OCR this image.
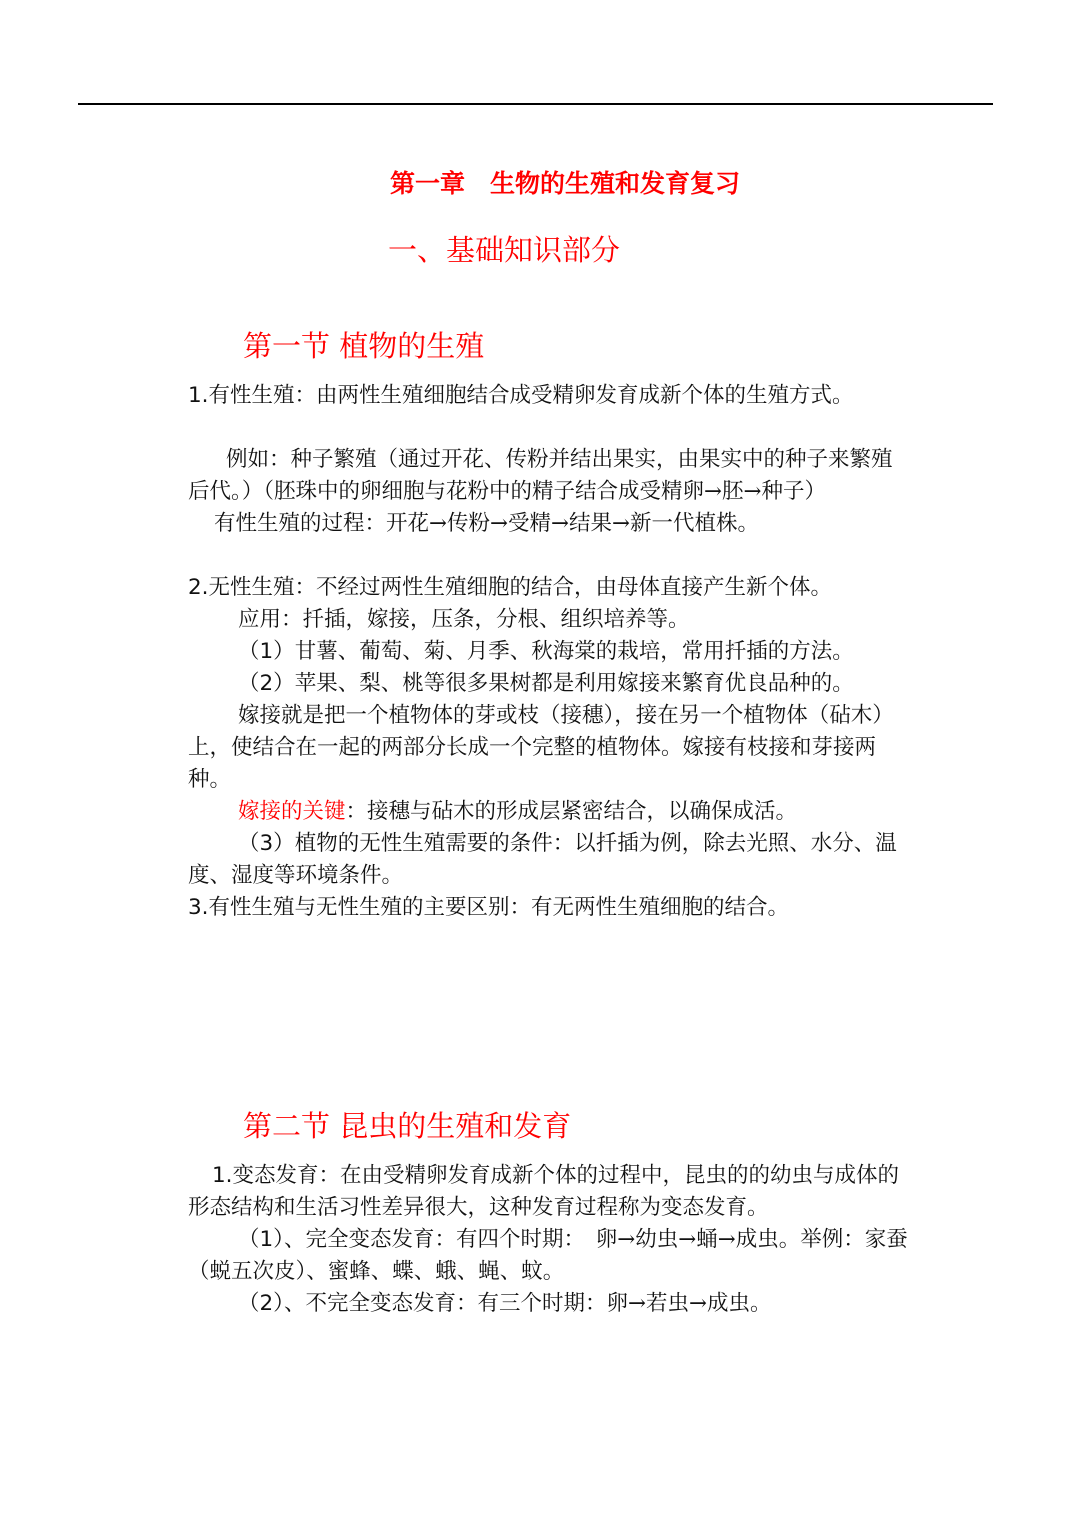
第一章　生物的生殖和发育复习
一、基础知识部分
第一节 植物的生殖

1.有性生殖：由两性生殖细胞结合成受精卵发育成新个体的生殖方式。

例如：种子繁殖（通过开花、传粉并结出果实，由果实中的种子来繁殖后代。）（胚珠中的卵细胞与花粉中的精子结合成受精卵→胚→种子）

有性生殖的过程：开花→传粉→受精→结果→新一代植株。

2.无性生殖：不经过两性生殖细胞的结合，由母体直接产生新个体。

应用：扦插，嫁接，压条，分根、组织培养等。

（1）甘薯、葡萄、菊、月季、秋海棠的栽培，常用扦插的方法。

（2）苹果、梨、桃等很多果树都是利用嫁接来繁育优良品种的。

嫁接就是把一个植物体的芽或枝（接穗），接在另一个植物体（砧木）上，使结合在一起的两部分长成一个完整的植物体。嫁接有枝接和芽接两种。

嫁接的关键：接穗与砧木的形成层紧密结合，以确保成活。

（3）植物的无性生殖需要的条件：以扦插为例，除去光照、水分、温度、湿度等环境条件。

3.有性生殖与无性生殖的主要区别：有无两性生殖细胞的结合。

第二节 昆虫的生殖和发育

1.变态发育：在由受精卵发育成新个体的过程中，昆虫的的幼虫与成体的形态结构和生活习性差异很大，这种发育过程称为变态发育。

（1）、完全变态发育：有四个时期：　卵→幼虫→蛹→成虫。举例：家蚕（蜕五次皮）、蜜蜂、蝶、蛾、蝇、蚊。

（2）、不完全变态发育：有三个时期：卵→若虫→成虫。
